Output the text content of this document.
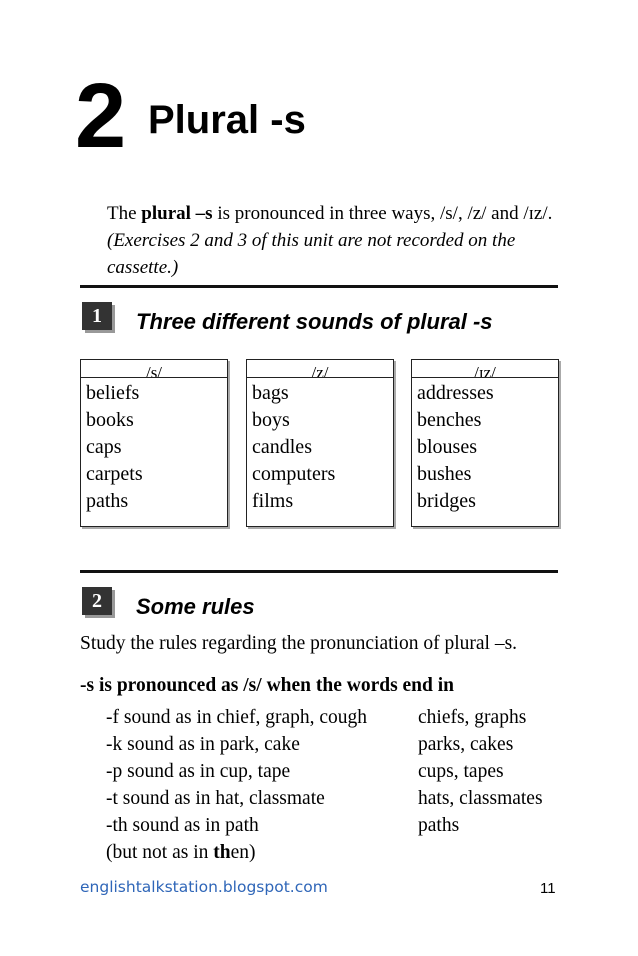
2 Plural -s
The plural –s is pronounced in three ways, /s/, /z/ and /ɪz/. (Exercises 2 and 3 of this unit are not recorded on the cassette.)
1	Three different sounds of plural -s
/s/
beliefs
books
caps
carpets
paths
/z/
bags
boys
candles
computers
films
/ɪz/
addresses
benches
blouses
bushes
bridges
2	Some rules
Study the rules regarding the pronunciation of plural –s.
-s is pronounced as /s/ when the words end in
-f sound as in chief, graph, cough	chiefs, graphs
-k sound as in park, cake	parks, cakes
-p sound as in cup, tape	cups, tapes
-t sound as in hat, classmate	hats, classmates
-th sound as in path	paths
(but not as in then)
englishtalkstation.blogspot.com	11
